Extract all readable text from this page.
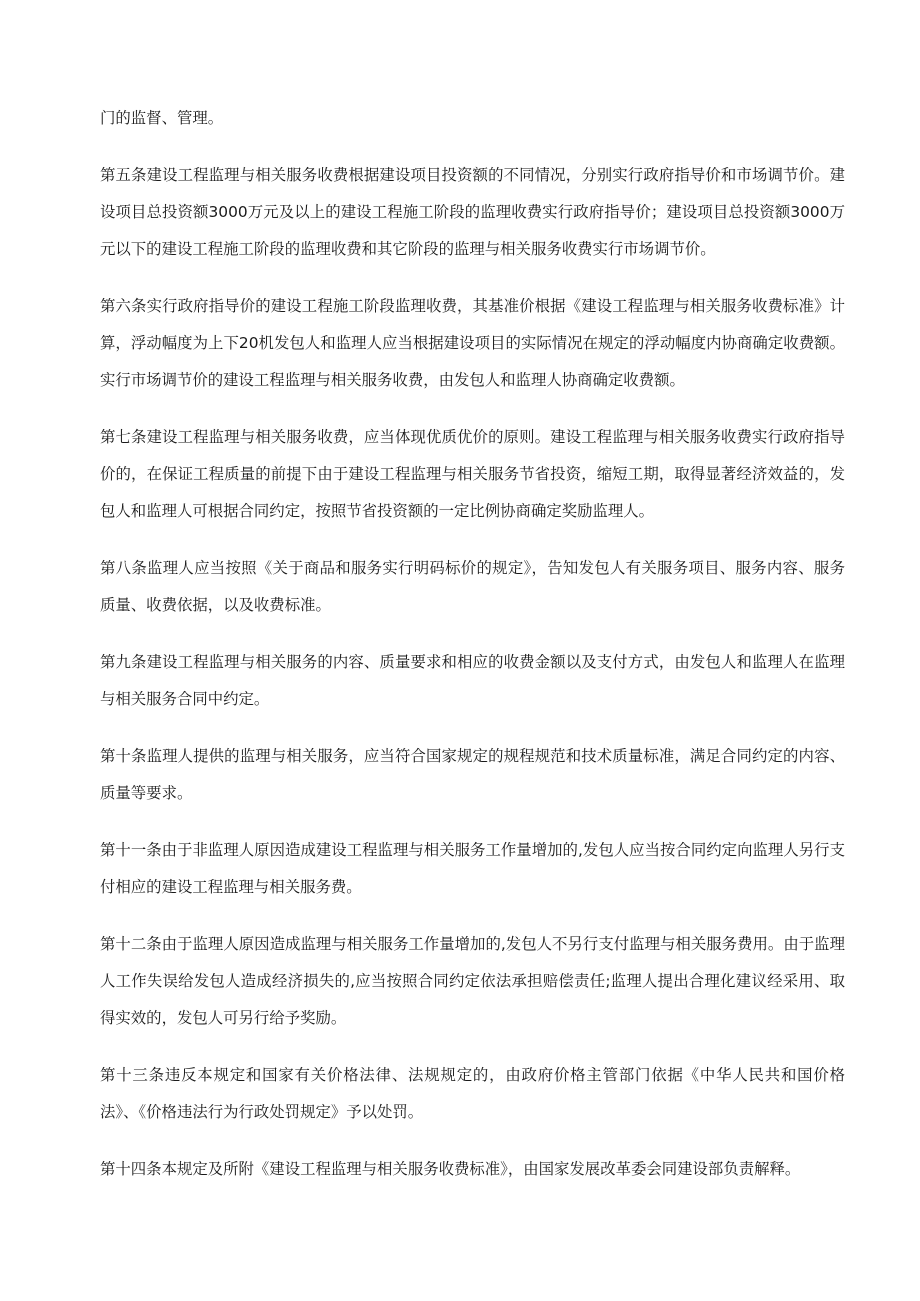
门的监督、管理。

第五条建设工程监理与相关服务收费根据建设项目投资额的不同情况，分别实行政府指导价和市场调节价。建设项目总投资额3000万元及以上的建设工程施工阶段的监理收费实行政府指导价；建设项目总投资额3000万元以下的建设工程施工阶段的监理收费和其它阶段的监理与相关服务收费实行市场调节价。

第六条实行政府指导价的建设工程施工阶段监理收费，其基准价根据《建设工程监理与相关服务收费标准》计算，浮动幅度为上下20机发包人和监理人应当根据建设项目的实际情况在规定的浮动幅度内协商确定收费额。实行市场调节价的建设工程监理与相关服务收费，由发包人和监理人协商确定收费额。

第七条建设工程监理与相关服务收费，应当体现优质优价的原则。建设工程监理与相关服务收费实行政府指导价的，在保证工程质量的前提下由于建设工程监理与相关服务节省投资，缩短工期，取得显著经济效益的，发包人和监理人可根据合同约定，按照节省投资额的一定比例协商确定奖励监理人。

第八条监理人应当按照《关于商品和服务实行明码标价的规定》，告知发包人有关服务项目、服务内容、服务质量、收费依据，以及收费标准。

第九条建设工程监理与相关服务的内容、质量要求和相应的收费金额以及支付方式，由发包人和监理人在监理与相关服务合同中约定。

第十条监理人提供的监理与相关服务，应当符合国家规定的规程规范和技术质量标准，满足合同约定的内容、质量等要求。

第十一条由于非监理人原因造成建设工程监理与相关服务工作量增加的,发包人应当按合同约定向监理人另行支付相应的建设工程监理与相关服务费。

第十二条由于监理人原因造成监理与相关服务工作量增加的,发包人不另行支付监理与相关服务费用。由于监理人工作失误给发包人造成经济损失的,应当按照合同约定依法承担赔偿责任;监理人提出合理化建议经采用、取得实效的，发包人可另行给予奖励。

第十三条违反本规定和国家有关价格法律、法规规定的，由政府价格主管部门依据《中华人民共和国价格法》、《价格违法行为行政处罚规定》予以处罚。

第十四条本规定及所附《建设工程监理与相关服务收费标准》，由国家发展改革委会同建设部负责解释。
